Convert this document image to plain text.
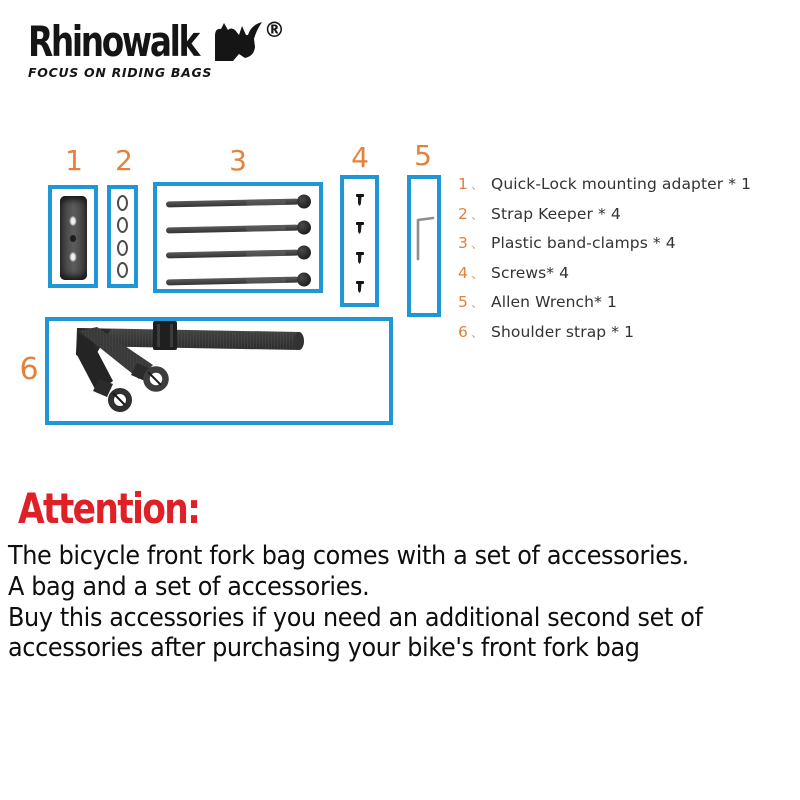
Rhinowalk	®
FOCUS ON RIDING BAGS
1 2	3	4 5
6
1 、 Quick-Lock mounting adapter * 1
2 、 Strap Keeper * 4
3 、 Plastic band-clamps * 4
4 、 Screws* 4
5 、 Allen Wrench* 1
6 、 Shoulder strap * 1
Attention:
The bicycle front fork bag comes with a set of accessories.
A bag and a set of accessories.
Buy this accessories if you need an additional second set of
accessories after purchasing your bike's front fork bag
